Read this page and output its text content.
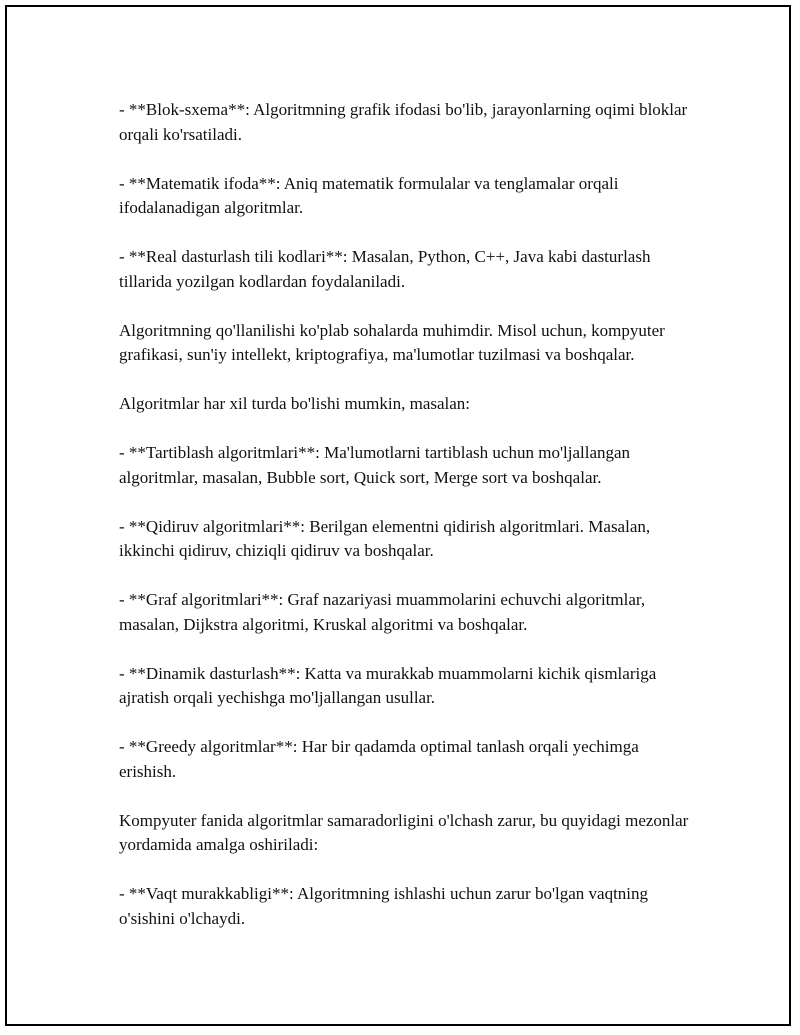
- **Blok-sxema**: Algoritmning grafik ifodasi bo'lib, jarayonlarning oqimi bloklar orqali ko'rsatiladi.

- **Matematik ifoda**: Aniq matematik formulalar va tenglamalar orqali ifodalanadigan algoritmlar.

- **Real dasturlash tili kodlari**: Masalan, Python, C++, Java kabi dasturlash tillarida yozilgan kodlardan foydalaniladi.

Algoritmning qo'llanilishi ko'plab sohalarda muhimdir. Misol uchun, kompyuter grafikasi, sun'iy intellekt, kriptografiya, ma'lumotlar tuzilmasi va boshqalar.

Algoritmlar har xil turda bo'lishi mumkin, masalan:

- **Tartiblash algoritmlari**: Ma'lumotlarni tartiblash uchun mo'ljallangan algoritmlar, masalan, Bubble sort, Quick sort, Merge sort va boshqalar.

- **Qidiruv algoritmlari**: Berilgan elementni qidirish algoritmlari. Masalan, ikkinchi qidiruv, chiziqli qidiruv va boshqalar.

- **Graf algoritmlari**: Graf nazariyasi muammolarini echuvchi algoritmlar, masalan, Dijkstra algoritmi, Kruskal algoritmi va boshqalar.

- **Dinamik dasturlash**: Katta va murakkab muammolarni kichik qismlariga ajratish orqali yechishga mo'ljallangan usullar.

- **Greedy algoritmlar**: Har bir qadamda optimal tanlash orqali yechimga erishish.

Kompyuter fanida algoritmlar samaradorligini o'lchash zarur, bu quyidagi mezonlar yordamida amalga oshiriladi:

- **Vaqt murakkabligi**: Algoritmning ishlashi uchun zarur bo'lgan vaqtning o'sishini o'lchaydi.
